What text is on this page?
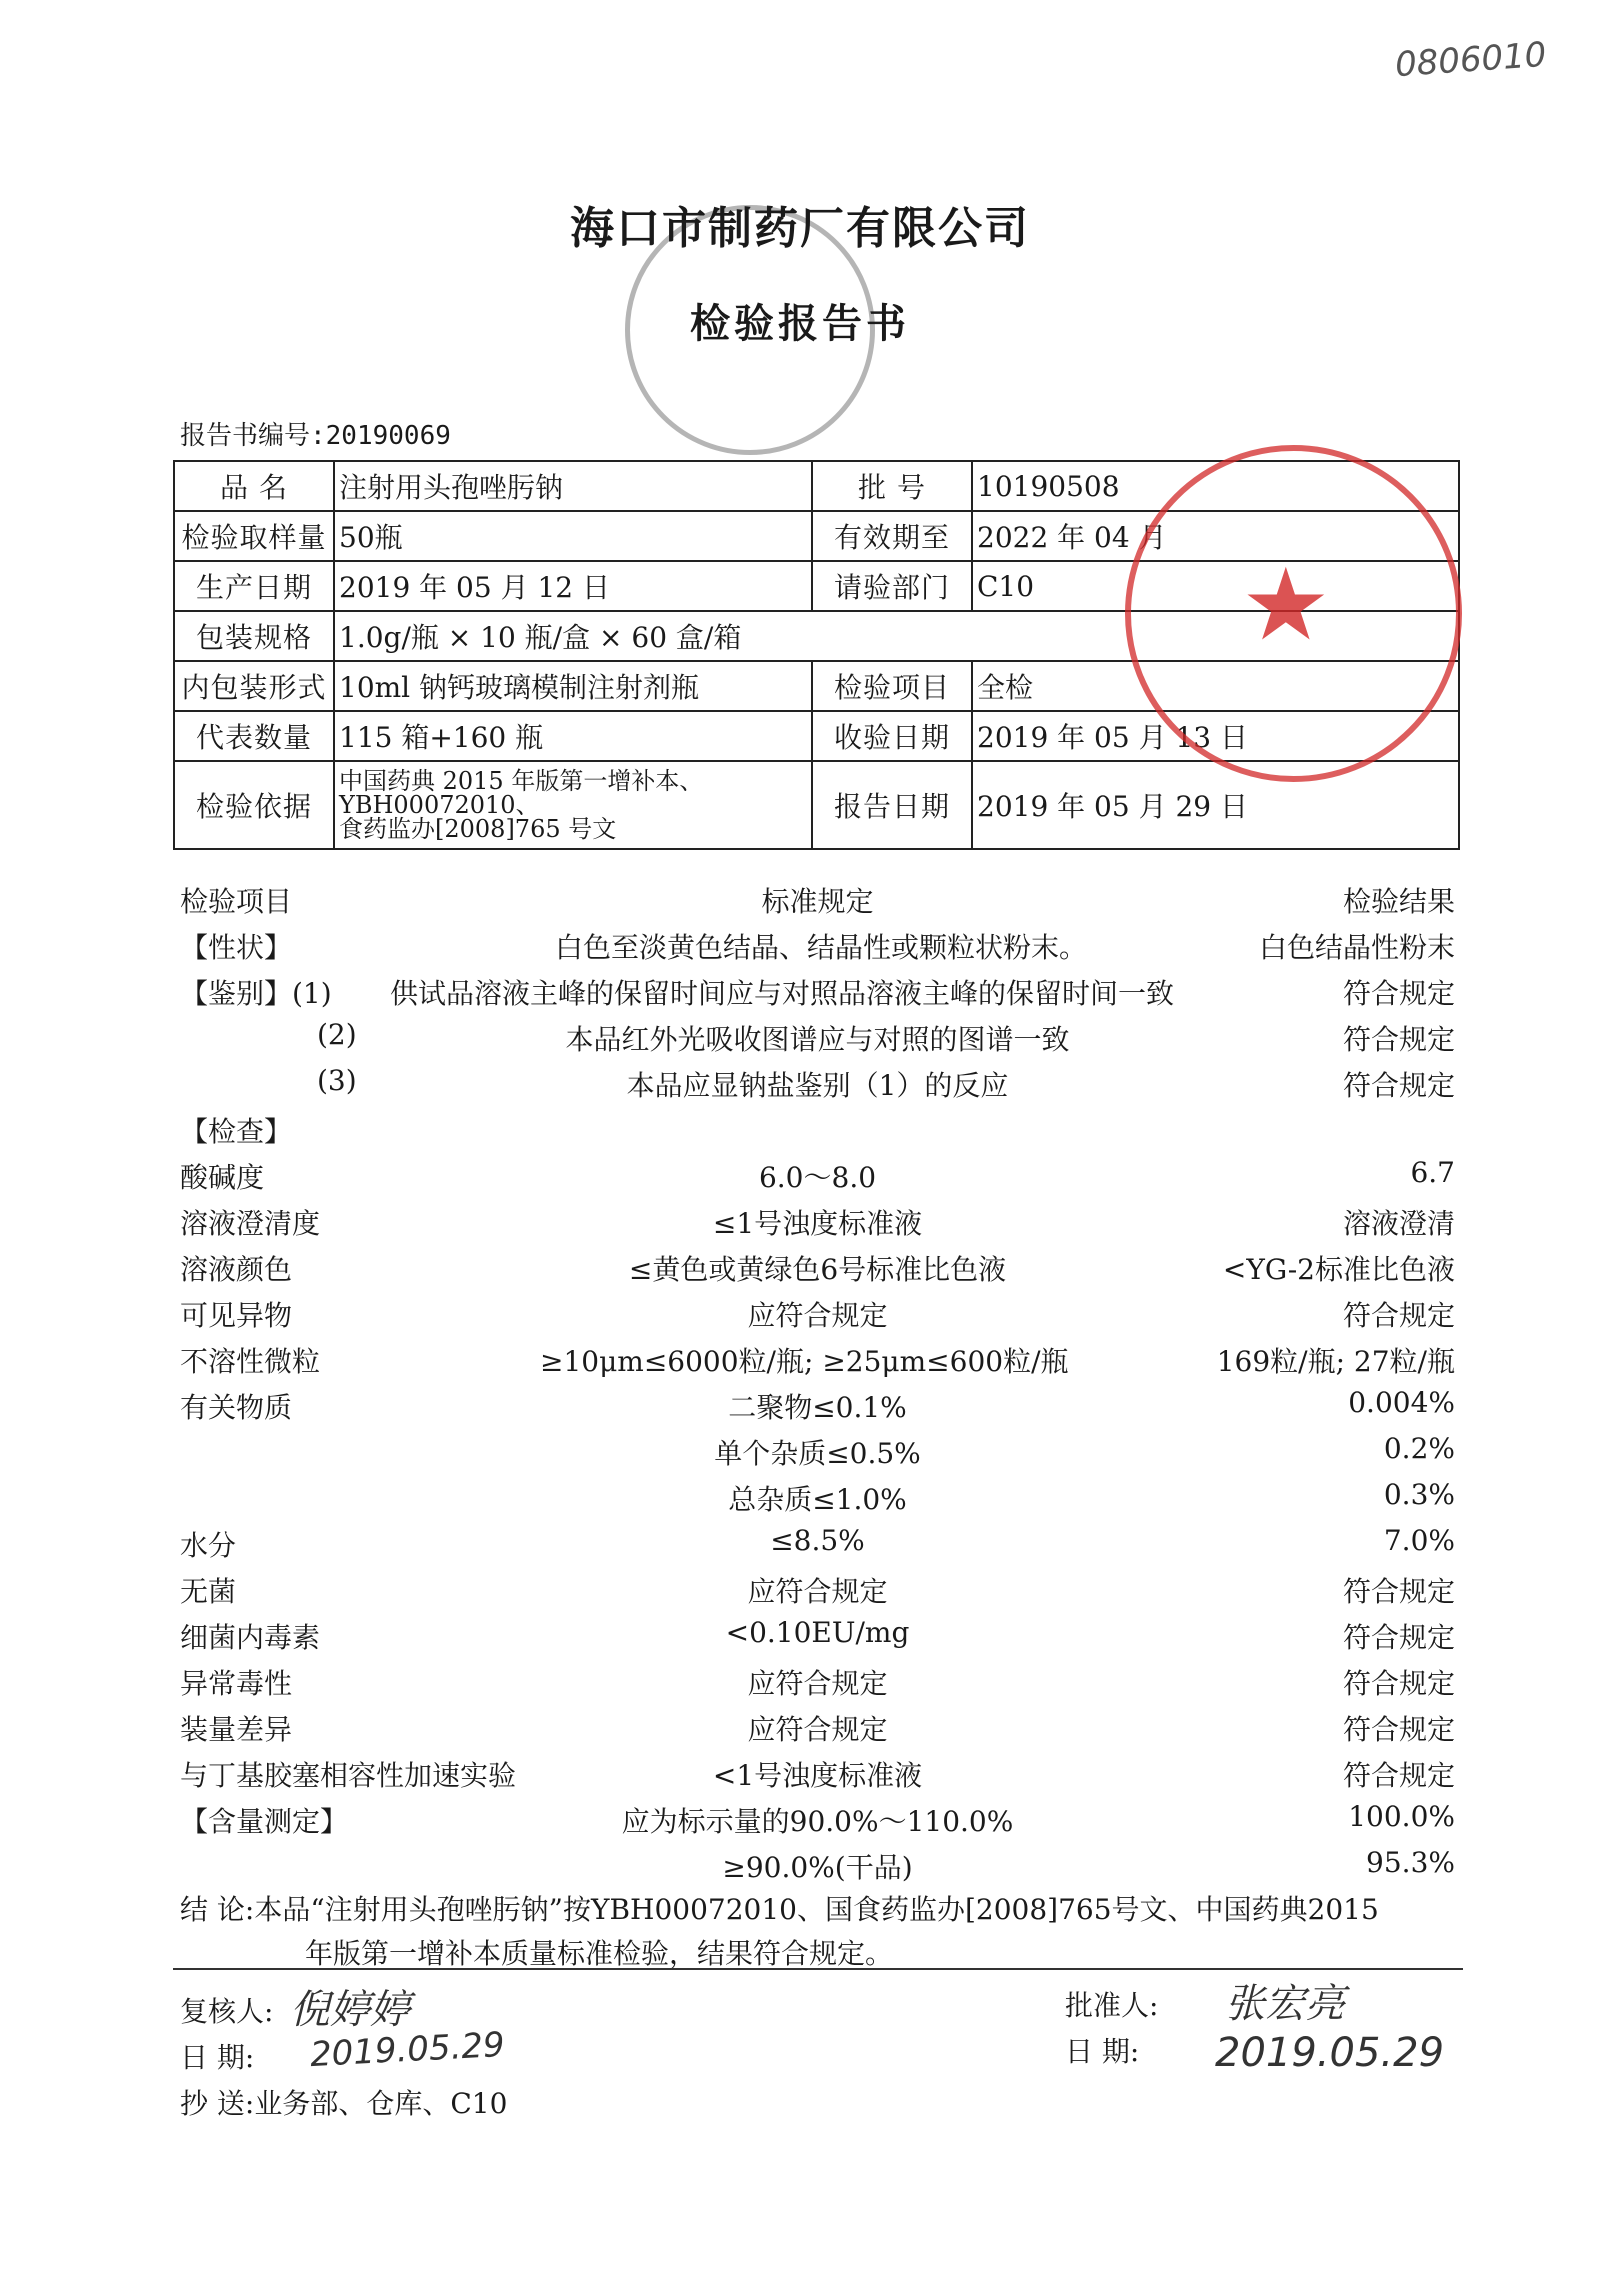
0806010
海口市制药厂有限公司
检验报告书
报告书编号:20190069
品 名	注射用头孢唑肟钠	批 号	10190508
检验取样量	50瓶	有效期至	2022 年 04 月
生产日期	2019 年 05 月 12 日	请验部门	C10
包装规格	1.0g/瓶 × 10 瓶/盒 × 60 盒/箱		
内包装形式	10ml 钠钙玻璃模制注射剂瓶	检验项目	全检
代表数量	115 箱+160 瓶	收验日期	2019 年 05 月 13 日
检验依据	中国药典 2015 年版第一增补本、
YBH00072010、
食药监办[2008]765 号文	报告日期	2019 年 05 月 29 日
★
检验项目	标准规定	检验结果
【性状】	白色至淡黄色结晶、结晶性或颗粒状粉末。	白色结晶性粉末
【鉴别】(1) 供试品溶液主峰的保留时间应与对照品溶液主峰的保留时间一致	符合规定
(2)	本品红外光吸收图谱应与对照的图谱一致	符合规定
(3)	本品应显钠盐鉴别（1）的反应	符合规定
【检查】
酸碱度	6.0～8.0	6.7
溶液澄清度	≤1号浊度标准液	溶液澄清
溶液颜色	≤黄色或黄绿色6号标准比色液	<YG-2标准比色液
可见异物	应符合规定	符合规定
不溶性微粒	≥10μm≤6000粒/瓶; ≥25μm≤600粒/瓶	169粒/瓶; 27粒/瓶
有关物质	二聚物≤0.1%	0.004%
单个杂质≤0.5%	0.2%
总杂质≤1.0%	0.3%
水分	≤8.5%	7.0%
无菌	应符合规定	符合规定
细菌内毒素	<0.10EU/mg	符合规定
异常毒性	应符合规定	符合规定
装量差异	应符合规定	符合规定
与丁基胶塞相容性加速实验	<1号浊度标准液	符合规定
【含量测定】	应为标示量的90.0%～110.0%	100.0%
≥90.0%(干品)	95.3%
结 论:本品“注射用头孢唑肟钠”按YBH00072010、国食药监办[2008]765号文、中国药典2015
年版第一增补本质量标准检验，结果符合规定。
复核人: 倪婷婷
日 期: 2019.05.29
抄 送:业务部、仓库、C10
批准人: 张宏亮
日 期: 2019.05.29
